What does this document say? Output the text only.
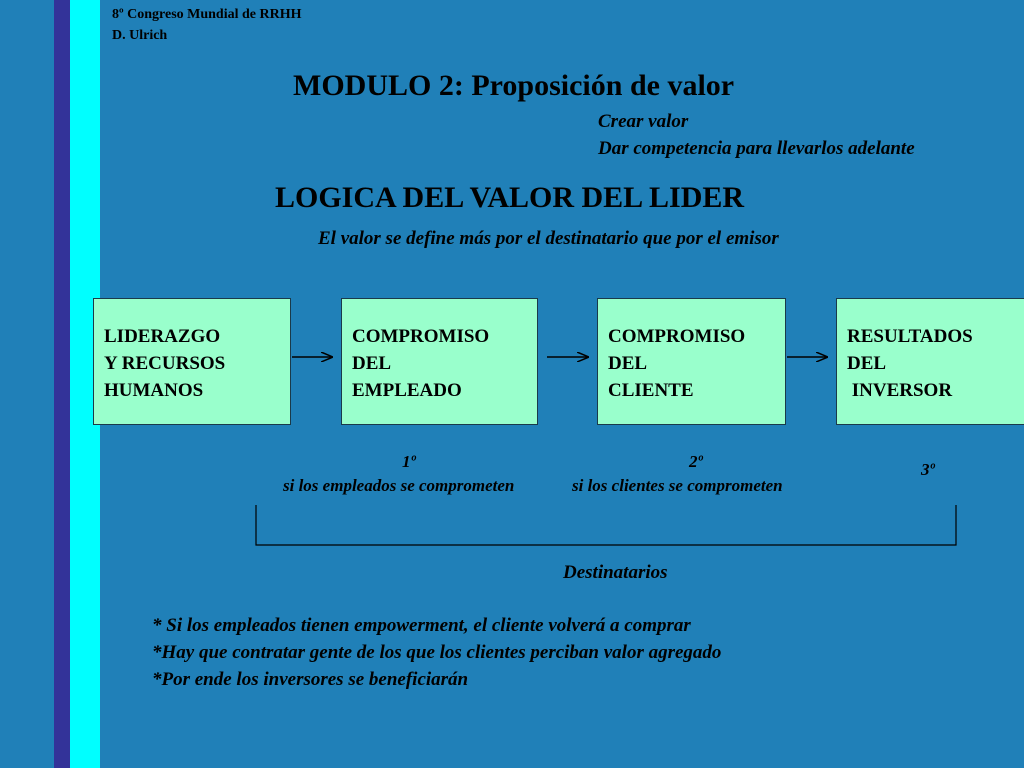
8º Congreso Mundial de RRHH
D. Ulrich
MODULO 2: Proposición de valor
Crear valor
Dar competencia para llevarlos adelante
LOGICA DEL VALOR DEL LIDER
El valor se define más por el destinatario que por el emisor
LIDERAZGO
Y RECURSOS
HUMANOS
COMPROMISO
DEL
EMPLEADO
COMPROMISO
DEL
CLIENTE
RESULTADOS
DEL
INVERSOR
1º
si los empleados se comprometen
2º
si los clientes se comprometen
3º
Destinatarios
* Si los empleados tienen empowerment, el cliente volverá a comprar
*Hay que contratar gente de los que los clientes perciban valor agregado
*Por ende los inversores se beneficiarán
